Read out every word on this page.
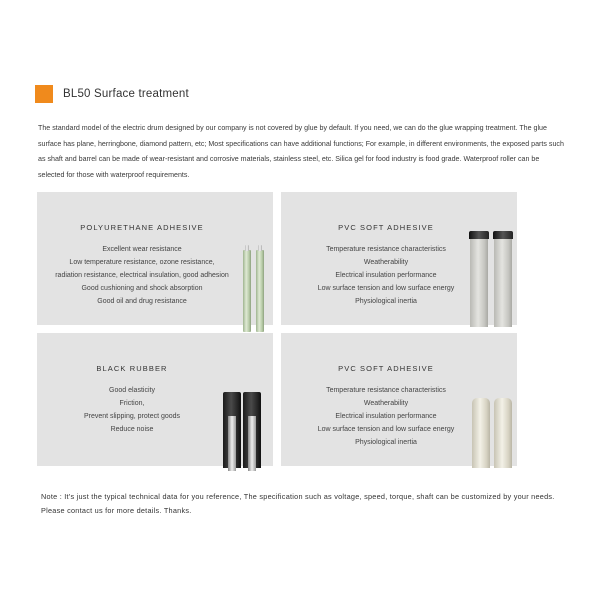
BL50 Surface treatment
The standard model of the electric drum designed by our company is not covered by glue by default. If you need, we can do the glue wrapping treatment. The glue surface has plane, herringbone, diamond pattern, etc; Most specifications can have additional functions; For example, in different environments, the exposed parts such as shaft and barrel can be made of wear-resistant and corrosive materials, stainless steel, etc. Silica gel for food industry is food grade. Waterproof roller can be selected for those with waterproof requirements.
POLYURETHANE ADHESIVE
Excellent wear resistance
Low temperature resistance, ozone resistance,
radiation resistance, electrical insulation, good adhesion
Good cushioning and shock absorption
Good oil and drug resistance
PVC SOFT ADHESIVE
Temperature resistance characteristics
Weatherability
Electrical insulation performance
Low surface tension and low surface energy
Physiological inertia
BLACK RUBBER
Good elasticity
Friction,
Prevent slipping, protect goods
Reduce noise
PVC SOFT ADHESIVE
Temperature resistance characteristics
Weatherability
Electrical insulation performance
Low surface tension and low surface energy
Physiological inertia
Note : It's just the typical technical data for you reference, The specification such as voltage, speed, torque, shaft can be customized by your needs. Please contact us for more details. Thanks.
